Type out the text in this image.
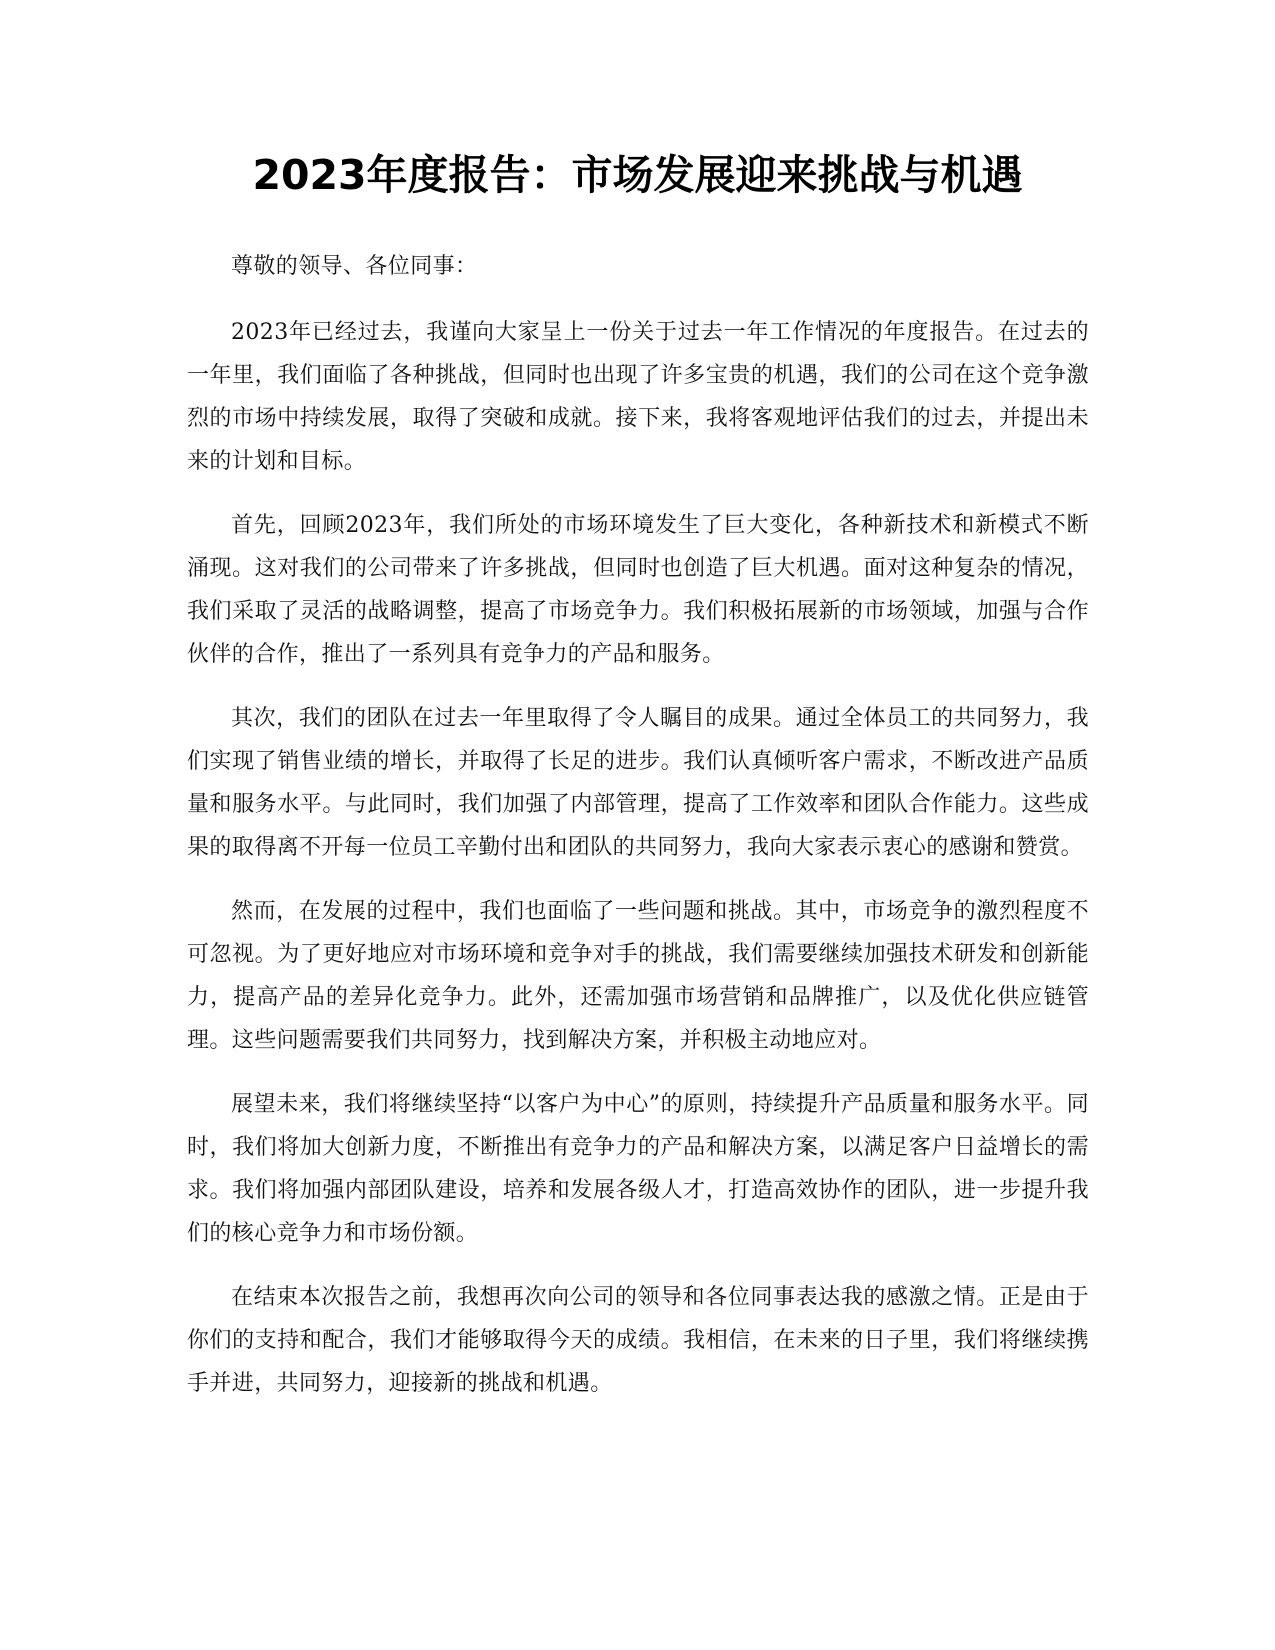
2023年度报告：市场发展迎来挑战与机遇

尊敬的领导、各位同事：

2023年已经过去，我谨向大家呈上一份关于过去一年工作情况的年度报告。在过去的一年里，我们面临了各种挑战，但同时也出现了许多宝贵的机遇，我们的公司在这个竞争激烈的市场中持续发展，取得了突破和成就。接下来，我将客观地评估我们的过去，并提出未来的计划和目标。

首先，回顾2023年，我们所处的市场环境发生了巨大变化，各种新技术和新模式不断涌现。这对我们的公司带来了许多挑战，但同时也创造了巨大机遇。面对这种复杂的情况，我们采取了灵活的战略调整，提高了市场竞争力。我们积极拓展新的市场领域，加强与合作伙伴的合作，推出了一系列具有竞争力的产品和服务。

其次，我们的团队在过去一年里取得了令人瞩目的成果。通过全体员工的共同努力，我们实现了销售业绩的增长，并取得了长足的进步。我们认真倾听客户需求，不断改进产品质量和服务水平。与此同时，我们加强了内部管理，提高了工作效率和团队合作能力。这些成果的取得离不开每一位员工辛勤付出和团队的共同努力，我向大家表示衷心的感谢和赞赏。

然而，在发展的过程中，我们也面临了一些问题和挑战。其中，市场竞争的激烈程度不可忽视。为了更好地应对市场环境和竞争对手的挑战，我们需要继续加强技术研发和创新能力，提高产品的差异化竞争力。此外，还需加强市场营销和品牌推广，以及优化供应链管理。这些问题需要我们共同努力，找到解决方案，并积极主动地应对。

展望未来，我们将继续坚持“以客户为中心”的原则，持续提升产品质量和服务水平。同时，我们将加大创新力度，不断推出有竞争力的产品和解决方案，以满足客户日益增长的需求。我们将加强内部团队建设，培养和发展各级人才，打造高效协作的团队，进一步提升我们的核心竞争力和市场份额。

在结束本次报告之前，我想再次向公司的领导和各位同事表达我的感激之情。正是由于你们的支持和配合，我们才能够取得今天的成绩。我相信，在未来的日子里，我们将继续携手并进，共同努力，迎接新的挑战和机遇。
